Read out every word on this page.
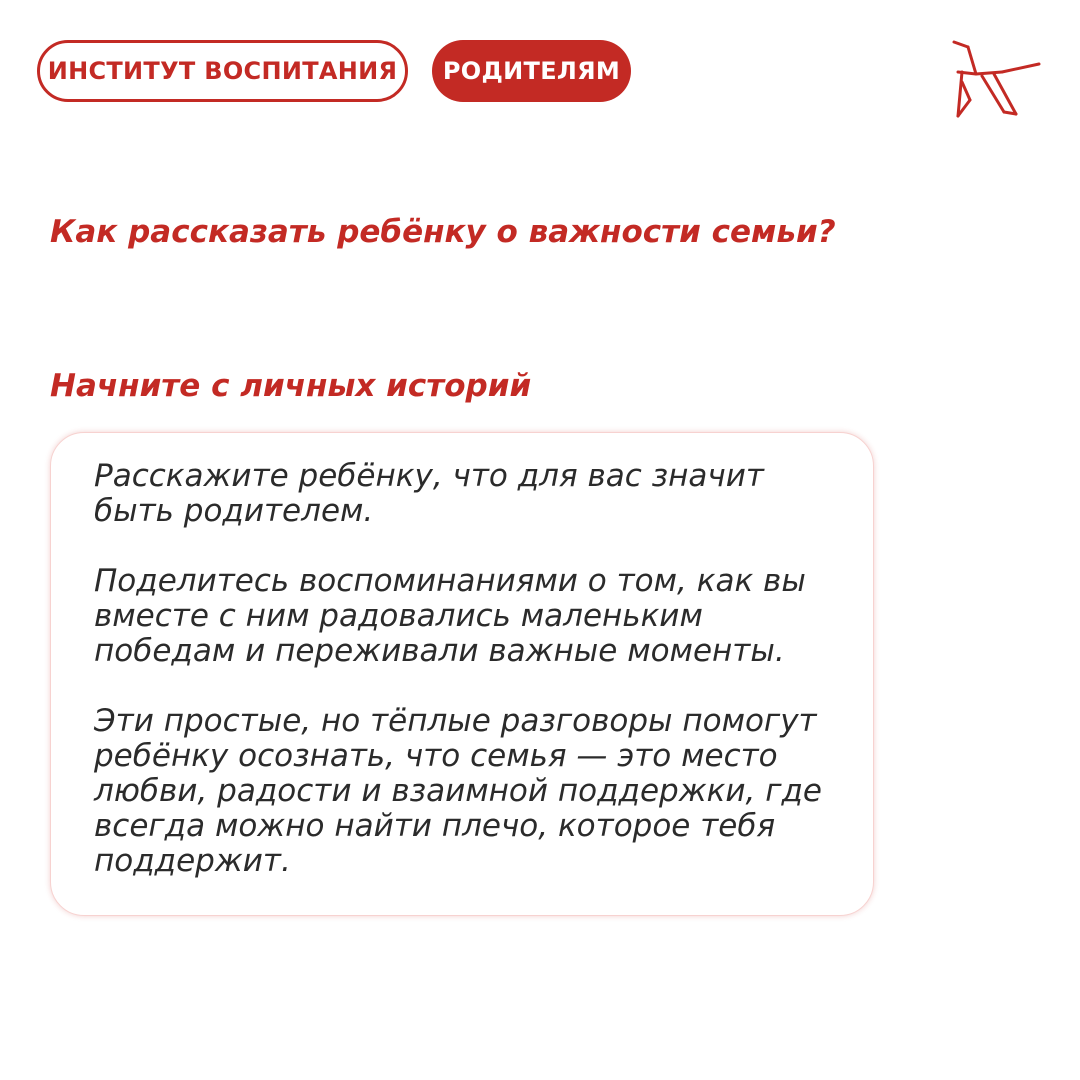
ИНСТИТУТ ВОСПИТАНИЯ РОДИТЕЛЯМ
Как рассказать ребёнку о важности семьи?
Начните с личных историй

Расскажите ребёнку, что для вас значит быть родителем.

Поделитесь воспоминаниями о том, как вы вместе с ним радовались маленьким победам и переживали важные моменты.

Эти простые, но тёплые разговоры помогут ребёнку осознать, что семья — это место любви, радости и взаимной поддержки, где всегда можно найти плечо, которое тебя поддержит.
